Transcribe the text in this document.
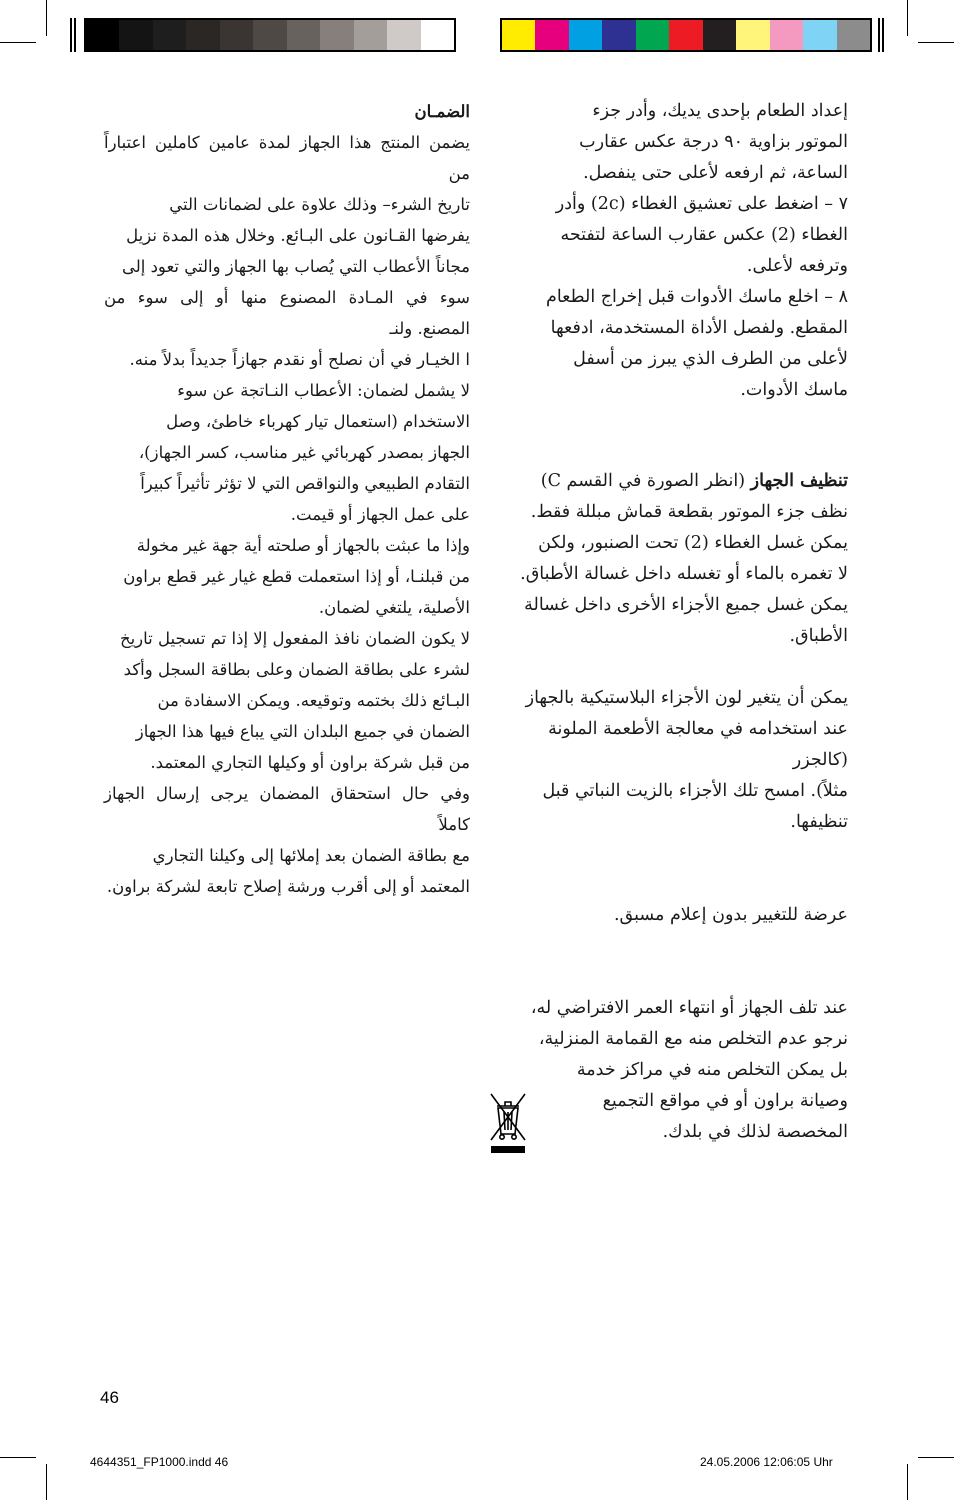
إعداد الطعام بإحدى يديك، وأدر جزء

الموتور بزاوية ٩٠ درجة عكس عقارب

الساعة، ثم ارفعه لأعلى حتى ينفصل.

٧ – اضغط على تعشيق الغطاء (2c) وأدر

الغطاء (2) عكس عقارب الساعة لتفتحه

وترفعه لأعلى.

٨ – اخلع ماسك الأدوات قبل إخراج الطعام

المقطع. ولفصل الأداة المستخدمة، ادفعها

لأعلى من الطرف الذي يبرز من أسفل

ماسك الأدوات.

تنظيف الجهاز (انظر الصورة في القسم C)

نظف جزء الموتور بقطعة قماش مبللة فقط.

يمكن غسل الغطاء (2) تحت الصنبور، ولكن

لا تغمره بالماء أو تغسله داخل غسالة الأطباق.

يمكن غسل جميع الأجزاء الأخرى داخل غسالة

الأطباق.

يمكن أن يتغير لون الأجزاء البلاستيكية بالجهاز

عند استخدامه في معالجة الأطعمة الملونة (كالجزر

مثلاً). امسح تلك الأجزاء بالزيت النباتي قبل

تنظيفها.

عرضة للتغيير بدون إعلام مسبق.

عند تلف الجهاز أو انتهاء العمر الافتراضي له،

نرجو عدم التخلص منه مع القمامة المنزلية،

بل يمكن التخلص منه في مراكز خدمة

وصيانة براون أو في مواقع التجميع

المخصصة لذلك في بلدك.

الضمـان

يضمن المنتج هذا الجهاز لمدة عامين كاملين اعتباراً من

تاريخ الشرء– وذلك علاوة على لضمانات التي

يفرضها القـانون على البـائع. وخلال هذه المدة نزيل

مجاناً الأعطاب التي يُصاب بها الجهاز والتي تعود إلى

سوء في المـادة المصنوع منها أو إلى سوء من المصنع. ولنـ

ا الخيـار في أن نصلح أو نقدم جهازاً جديداً بدلاً منه.

لا يشمل لضمان: الأعطاب النـاتجة عن سوء

الاستخدام (استعمال تيار كهرباء خاطئ، وصل

الجهاز بمصدر كهربائي غير مناسب، كسر الجهاز)،

التقادم الطبيعي والنواقص التي لا تؤثر تأثيراً كبيراً

على عمل الجهاز أو قيمت.

وإذا ما عبثت بالجهاز أو صلحته أية جهة غير مخولة

من قبلنـا، أو إذا استعملت قطع غيار غير قطع براون

الأصلية، يلتغي لضمان.

لا يكون الضمان نافذ المفعول إلا إذا تم تسجيل تاريخ

لشرء على بطاقة الضمان وعلى بطاقة السجل وأكد

البـائع ذلك بختمه وتوقيعه. ويمكن الاسفادة من

الضمان في جميع البلدان التي يباع فيها هذا الجهاز

من قبل شركة براون أو وكيلها التجاري المعتمد.

وفي حال استحقاق المضمان يرجى إرسال الجهاز كاملاً

مع بطاقة الضمان بعد إملائها إلى وكيلنا التجاري

المعتمد أو إلى أقرب ورشة إصلاح تابعة لشركة براون.

46
4644351_FP1000.indd 46	24.05.2006 12:06:05 Uhr
